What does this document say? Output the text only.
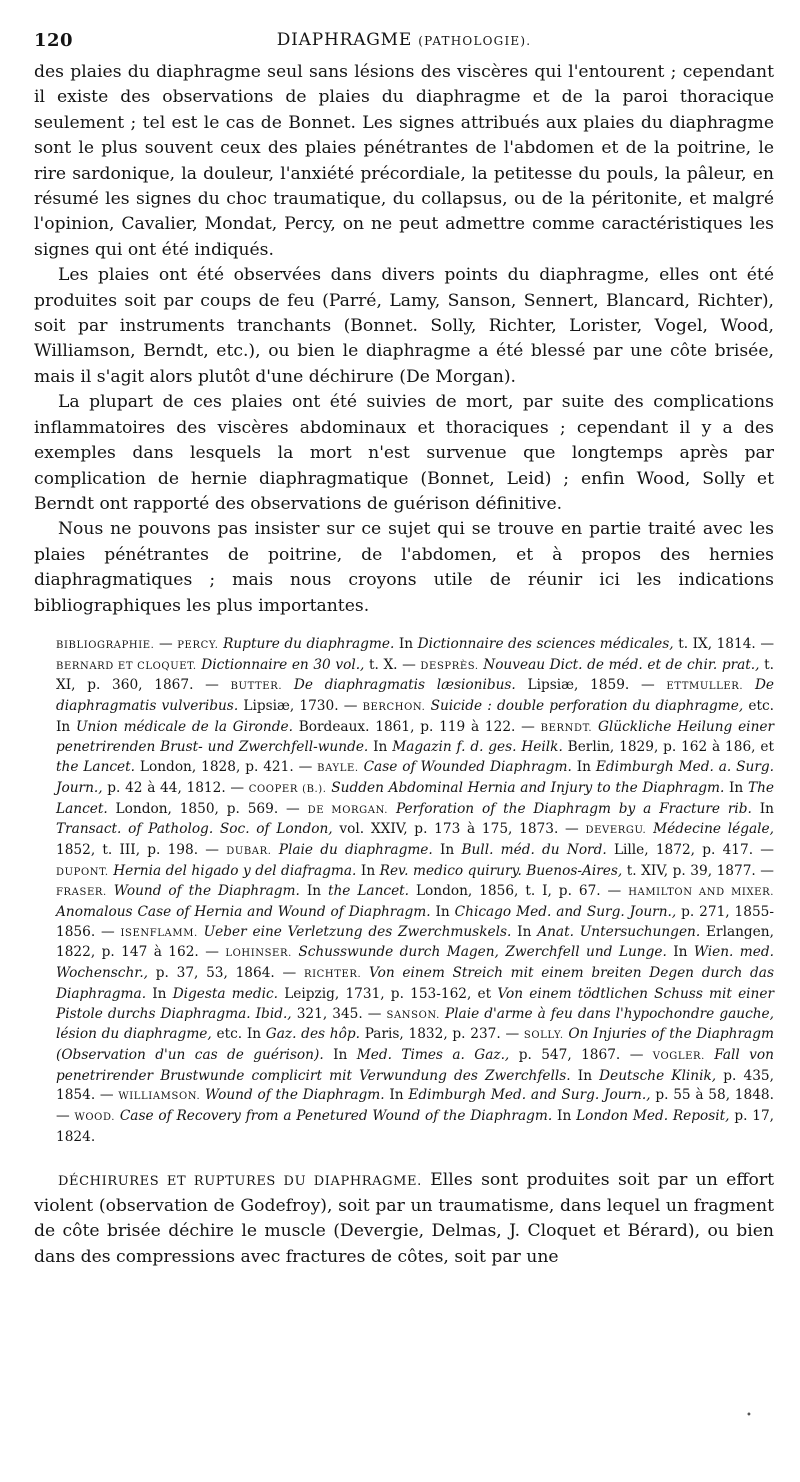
120	DIAPHRAGME (PATHOLOGIE).

des plaies du diaphragme seul sans lésions des viscères qui l'entourent ; cependant il existe des observations de plaies du diaphragme et de la paroi thoracique seulement ; tel est le cas de Bonnet. Les signes attribués aux plaies du diaphragme sont le plus souvent ceux des plaies pénétrantes de l'abdomen et de la poitrine, le rire sardonique, la douleur, l'anxiété précordiale, la petitesse du pouls, la pâleur, en résumé les signes du choc traumatique, du collapsus, ou de la péritonite, et malgré l'opinion, Cavalier, Mondat, Percy, on ne peut admettre comme caractéristiques les signes qui ont été indiqués.

Les plaies ont été observées dans divers points du diaphragme, elles ont été produites soit par coups de feu (Parré, Lamy, Sanson, Sennert, Blancard, Richter), soit par instruments tranchants (Bonnet. Solly, Richter, Lorister, Vogel, Wood, Williamson, Berndt, etc.), ou bien le diaphragme a été blessé par une côte brisée, mais il s'agit alors plutôt d'une déchirure (De Morgan).

La plupart de ces plaies ont été suivies de mort, par suite des complications inflammatoires des viscères abdominaux et thoraciques ; cependant il y a des exemples dans lesquels la mort n'est survenue que longtemps après par complication de hernie diaphragmatique (Bonnet, Leid) ; enfin Wood, Solly et Berndt ont rapporté des observations de guérison définitive.

Nous ne pouvons pas insister sur ce sujet qui se trouve en partie traité avec les plaies pénétrantes de poitrine, de l'abdomen, et à propos des hernies diaphragmatiques ; mais nous croyons utile de réunir ici les indications bibliographiques les plus importantes.

BIBLIOGRAPHIE. — PERCY. Rupture du diaphragme. In Dictionnaire des sciences médicales, t. IX, 1814. — BERNARD ET CLOQUET. Dictionnaire en 30 vol., t. X. — DESPRÈS. Nouveau Dict. de méd. et de chir. prat., t. XI, p. 360, 1867. — BUTTER. De diaphragmatis læsionibus. Lipsiæ, 1859. — ETTMULLER. De diaphragmatis vulveribus. Lipsiæ, 1730. — BERCHON. Suicide : double perforation du diaphragme, etc. In Union médicale de la Gironde. Bordeaux. 1861, p. 119 à 122. — BERNDT. Glückliche Heilung einer penetrirenden Brust- und Zwerchfell-wunde. In Magazin f. d. ges. Heilk. Berlin, 1829, p. 162 à 186, et the Lancet. London, 1828, p. 421. — BAYLE. Case of Wounded Diaphragm. In Edimburgh Med. a. Surg. Journ., p. 42 à 44, 1812. — COOPER (B.). Sudden Abdominal Hernia and Injury to the Diaphragm. In The Lancet. London, 1850, p. 569. — DE MORGAN. Perforation of the Diaphragm by a Fracture rib. In Transact. of Patholog. Soc. of London, vol. XXIV, p. 173 à 175, 1873. — DEVERGU. Médecine légale, 1852, t. III, p. 198. — DUBAR. Plaie du diaphragme. In Bull. méd. du Nord. Lille, 1872, p. 417. — DUPONT. Hernia del higado y del diafragma. In Rev. medico quirury. Buenos-Aires, t. XIV, p. 39, 1877. — FRASER. Wound of the Diaphragm. In the Lancet. London, 1856, t. I, p. 67. — HAMILTON AND MIXER. Anomalous Case of Hernia and Wound of Diaphragm. In Chicago Med. and Surg. Journ., p. 271, 1855-1856. — ISENFLAMM. Ueber eine Verletzung des Zwerchmuskels. In Anat. Untersuchungen. Erlangen, 1822, p. 147 à 162. — LOHINSER. Schusswunde durch Magen, Zwerchfell und Lunge. In Wien. med. Wochenschr., p. 37, 53, 1864. — RICHTER. Von einem Streich mit einem breiten Degen durch das Diaphragma. In Digesta medic. Leipzig, 1731, p. 153-162, et Von einem tödtlichen Schuss mit einer Pistole durchs Diaphragma. Ibid., 321, 345. — SANSON. Plaie d'arme à feu dans l'hypochondre gauche, lésion du diaphragme, etc. In Gaz. des hôp. Paris, 1832, p. 237. — SOLLY. On Injuries of the Diaphragm (Observation d'un cas de guérison). In Med. Times a. Gaz., p. 547, 1867. — VOGLER. Fall von penetrirender Brustwunde complicirt mit Verwundung des Zwerchfells. In Deutsche Klinik, p. 435, 1854. — WILLIAMSON. Wound of the Diaphragm. In Edimburgh Med. and Surg. Journ., p. 55 à 58, 1848. — WOOD. Case of Recovery from a Penetured Wound of the Diaphragm. In London Med. Reposit, p. 17, 1824.

DÉCHIRURES ET RUPTURES DU DIAPHRAGME. Elles sont produites soit par un effort violent (observation de Godefroy), soit par un traumatisme, dans lequel un fragment de côte brisée déchire le muscle (Devergie, Delmas, J. Cloquet et Bérard), ou bien dans des compressions avec fractures de côtes, soit par une

•
